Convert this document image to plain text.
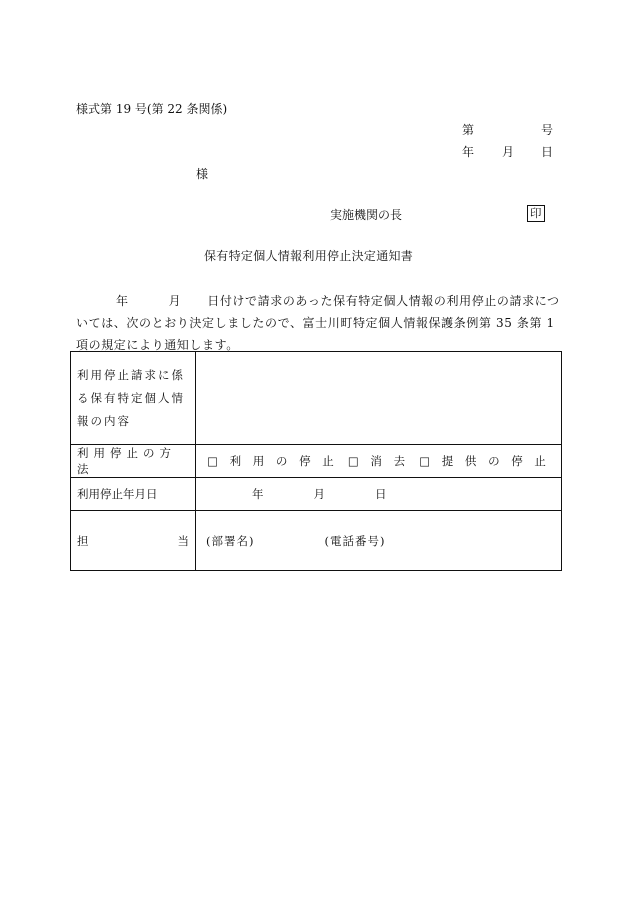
様式第 19 号(第 22 条関係)
第	号
年 月 日
様
実施機関の長	印
保有特定個人情報利用停止決定通知書

年	月 日付けで請求のあった保有特定個人情報の利用停止の請求については、次のとおり決定しましたので、富士川町特定個人情報保護条例第 35 条第 1 項の規定により通知します。

利用停止請求に係る保有特定個人情報の内容	

利用停止の方法	□ 利 用 の 停 止 □ 消 去 □ 提 供 の 停 止

利用停止年月日	年 月 日

担 当	(部署名) (電話番号)
